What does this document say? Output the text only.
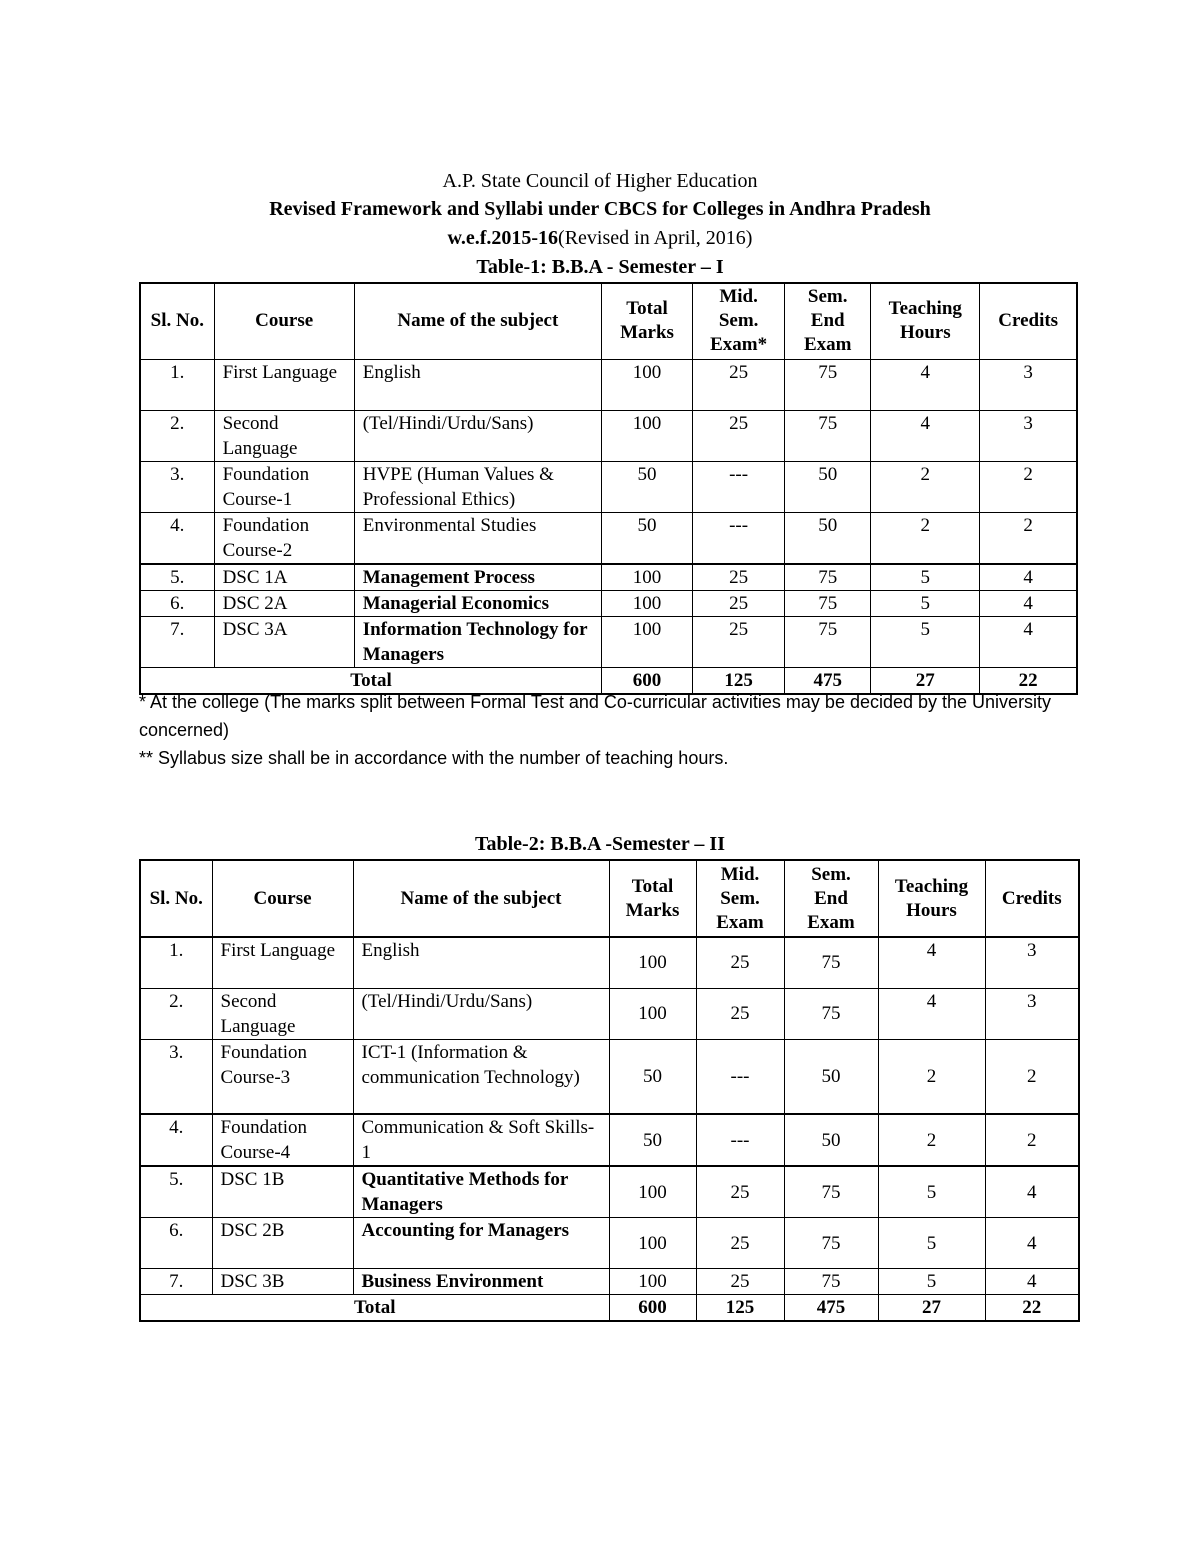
A.P. State Council of Higher Education
Revised Framework and Syllabi under CBCS for Colleges in Andhra Pradesh
w.e.f.2015-16(Revised in April, 2016)
Table-1: B.B.A - Semester – I
Sl. No.	Course	Name of the subject	Total Marks	Mid. Sem. Exam*	Sem. End Exam	Teaching Hours	Credits
1.	First Language	English	100	25	75	4	3
2.	Second Language	(Tel/Hindi/Urdu/Sans)	100	25	75	4	3
3.	Foundation Course-1	HVPE (Human Values & Professional Ethics)	50	---	50	2	2
4.	Foundation Course-2	Environmental Studies	50	---	50	2	2
5.	DSC 1A	Management Process	100	25	75	5	4
6.	DSC 2A	Managerial Economics	100	25	75	5	4
7.	DSC 3A	Information Technology for Managers	100	25	75	5	4
Total			600	125	475	27	22
* At the college (The marks split between Formal Test and Co-curricular activities may be decided by the University concerned)
** Syllabus size shall be in accordance with the number of teaching hours.
Table-2: B.B.A -Semester – II
Sl. No.	Course	Name of the subject	Total Marks	Mid. Sem. Exam	Sem. End Exam	Teaching Hours	Credits
1.	First Language	English	100	25	75	4	3
2.	Second Language	(Tel/Hindi/Urdu/Sans)	100	25	75	4	3
3.	Foundation Course-3	ICT-1 (Information & communication Technology)	50	---	50	2	2
4.	Foundation Course-4	Communication & Soft Skills-1	50	---	50	2	2
5.	DSC 1B	Quantitative Methods for Managers	100	25	75	5	4
6.	DSC 2B	Accounting for Managers	100	25	75	5	4
7.	DSC 3B	Business Environment	100	25	75	5	4
Total			600	125	475	27	22
